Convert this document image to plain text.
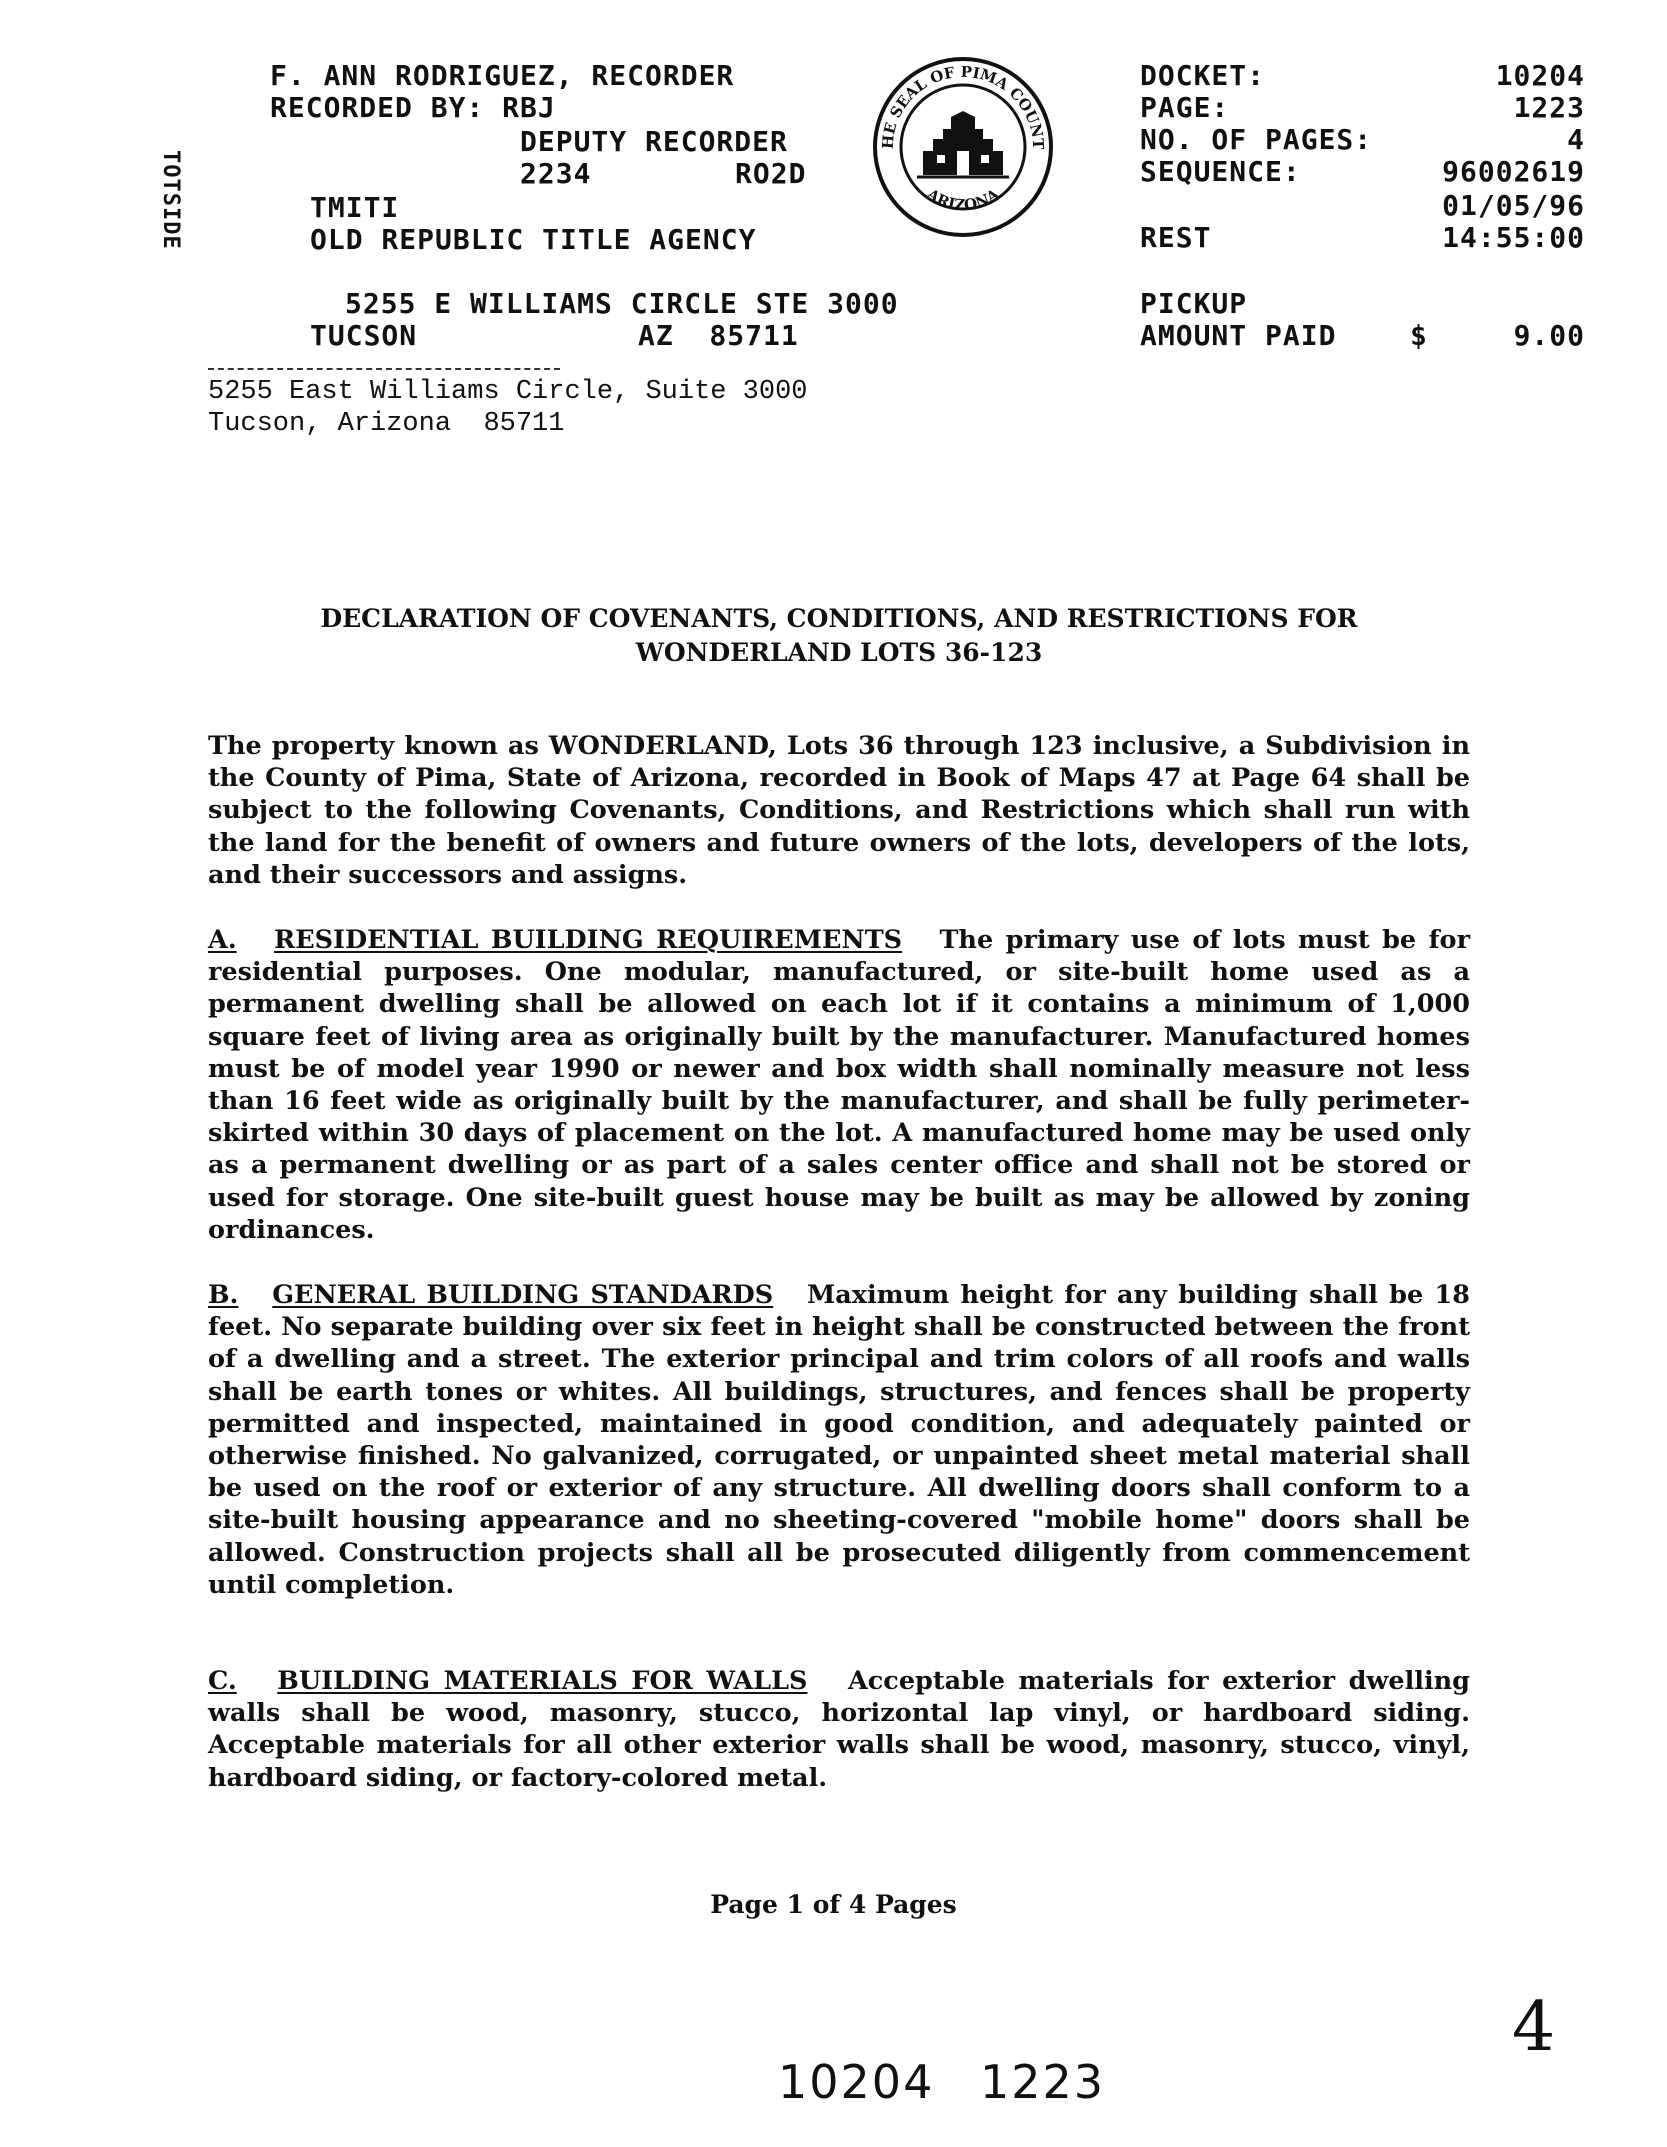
TOTSIDE
F. ANN RODRIGUEZ, RECORDER
RECORDED BY: RBJ
DEPUTY RECORDER
2234	RO2D
TMITI
OLD REPUBLIC TITLE AGENCY
5255 E WILLIAMS CIRCLE STE 3000
TUCSON	AZ  85711

HE SEAL OF PIMA COUNT
ARIZONA

DOCKET:	10204
PAGE:	1223
NO. OF PAGES:	4
SEQUENCE:	96002619
01/05/96
REST	14:55:00
PICKUP
AMOUNT PAID	$	9.00
5255 East Williams Circle, Suite 3000
Tucson, Arizona  85711
DECLARATION OF COVENANTS, CONDITIONS, AND RESTRICTIONS FOR
WONDERLAND LOTS 36-123

The property known as WONDERLAND, Lots 36 through 123 inclusive, a Subdivision in the County of Pima, State of Arizona, recorded in Book of Maps 47 at Page 64 shall be subject to the following Covenants, Conditions, and Restrictions which shall run with the land for the benefit of owners and future owners of the lots, developers of the lots, and their successors and assigns.

A. RESIDENTIAL BUILDING REQUIREMENTS The primary use of lots must be for residential purposes. One modular, manufactured, or site-built home used as a permanent dwelling shall be allowed on each lot if it contains a minimum of 1,000 square feet of living area as originally built by the manufacturer. Manufactured homes must be of model year 1990 or newer and box width shall nominally measure not less than 16 feet wide as originally built by the manufacturer, and shall be fully perimeter-skirted within 30 days of placement on the lot. A manufactured home may be used only as a permanent dwelling or as part of a sales center office and shall not be stored or used for storage. One site-built guest house may be built as may be allowed by zoning ordinances.

B. GENERAL BUILDING STANDARDS Maximum height for any building shall be 18 feet. No separate building over six feet in height shall be constructed between the front of a dwelling and a street. The exterior principal and trim colors of all roofs and walls shall be earth tones or whites. All buildings, structures, and fences shall be property permitted and inspected, maintained in good condition, and adequately painted or otherwise finished. No galvanized, corrugated, or unpainted sheet metal material shall be used on the roof or exterior of any structure. All dwelling doors shall conform to a site-built housing appearance and no sheeting-covered "mobile home" doors shall be allowed. Construction projects shall all be prosecuted diligently from commencement until completion.

C. BUILDING MATERIALS FOR WALLS Acceptable materials for exterior dwelling walls shall be wood, masonry, stucco, horizontal lap vinyl, or hardboard siding. Acceptable materials for all other exterior walls shall be wood, masonry, stucco, vinyl, hardboard siding, or factory-colored metal.

Page 1 of 4 Pages
10204 1223
4
